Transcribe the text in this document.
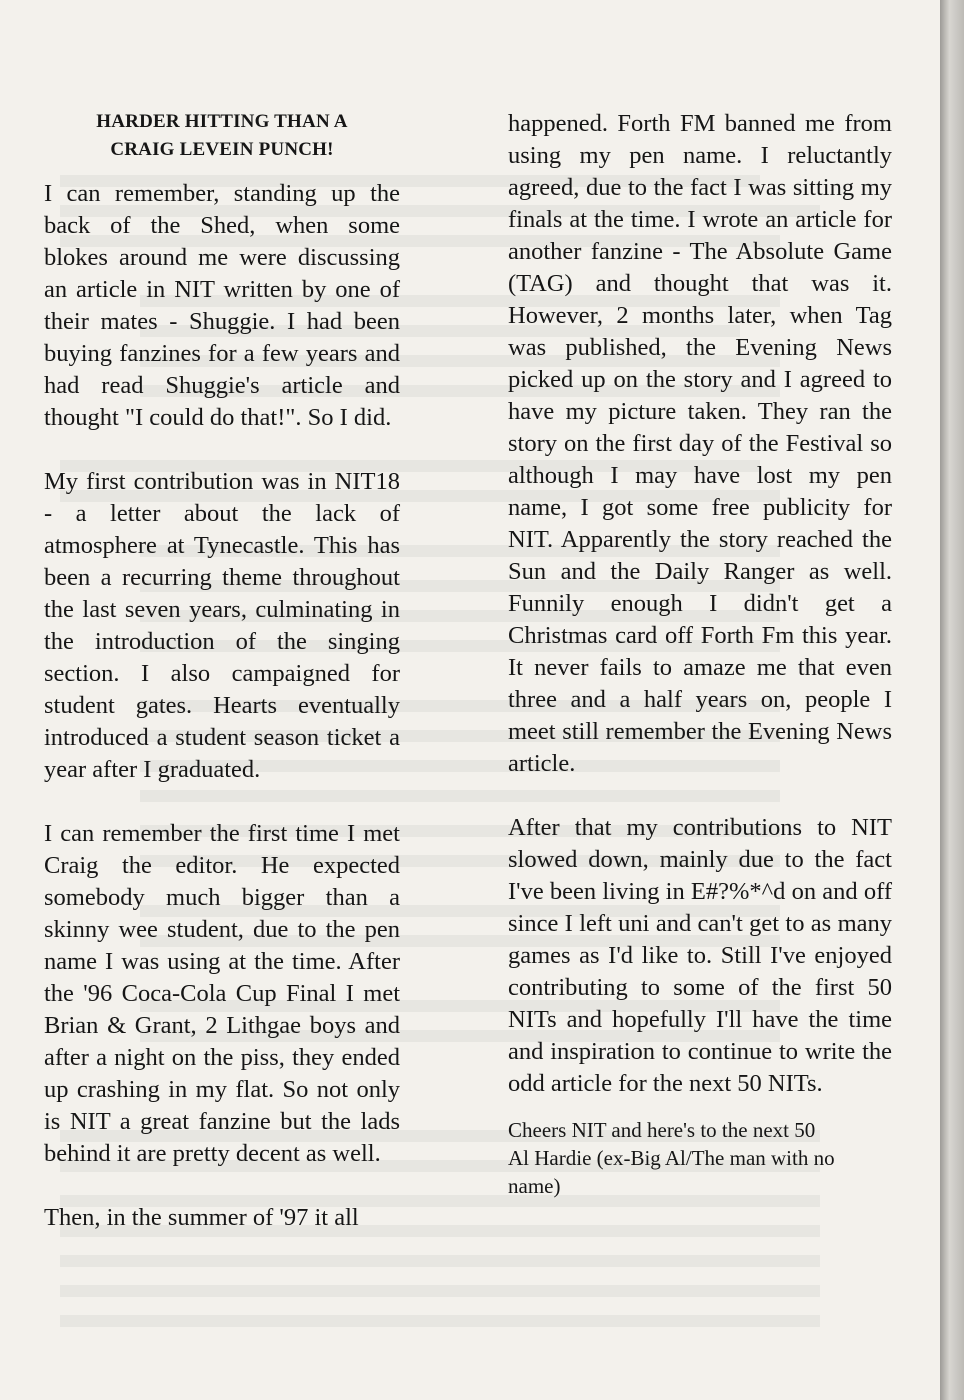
HARDER HITTING THAN A
CRAIG LEVEIN PUNCH!

I can remember, standing up the back of the Shed, when some blokes around me were discussing an article in NIT written by one of their mates - Shuggie. I had been buying fanzines for a few years and had read Shuggie's article and thought "I could do that!". So I did.

My first contribution was in NIT18 - a letter about the lack of atmosphere at Tynecastle. This has been a recurring theme throughout the last seven years, culminating in the introduction of the singing section. I also campaigned for student gates. Hearts eventually introduced a student season ticket a year after I graduated.

I can remember the first time I met Craig the editor. He expected somebody much bigger than a skinny wee student, due to the pen name I was using at the time. After the '96 Coca-Cola Cup Final I met Brian & Grant, 2 Lithgae boys and after a night on the piss, they ended up crashing in my flat. So not only is NIT a great fanzine but the lads behind it are pretty decent as well.

Then, in the summer of '97 it all

happened. Forth FM banned me from using my pen name. I reluctantly agreed, due to the fact I was sitting my finals at the time. I wrote an article for another fanzine - The Absolute Game (TAG) and thought that was it. However, 2 months later, when Tag was published, the Evening News picked up on the story and I agreed to have my picture taken. They ran the story on the first day of the Festival so although I may have lost my pen name, I got some free publicity for NIT. Apparently the story reached the Sun and the Daily Ranger as well. Funnily enough I didn't get a Christmas card off Forth Fm this year. It never fails to amaze me that even three and a half years on, people I meet still remember the Evening News article.

After that my contributions to NIT slowed down, mainly due to the fact I've been living in E#?%*^d on and off since I left uni and can't get to as many games as I'd like to. Still I've enjoyed contributing to some of the first 50 NITs and hopefully I'll have the time and inspiration to continue to write the odd article for the next 50 NITs.

Cheers NIT and here's to the next 50
Al Hardie (ex-Big Al/The man with no name)
